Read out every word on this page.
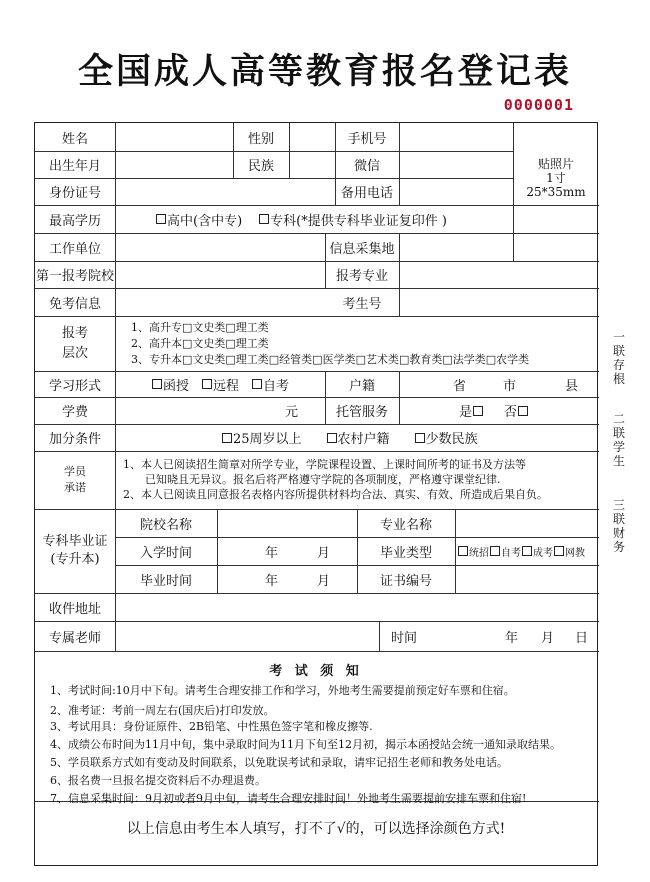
全国成人高等教育报名登记表
0000001
姓名	性别	手机号
贴照片
1寸
25*35mm
出生年月	民族	微信
身份证号	备用电话
最高学历	高中(含中专) 专科(*提供专科毕业证复印件 )
工作单位	信息采集地
第一报考院校	报考专业
免考信息	考生号
报考
层次
1、高升专□文史类□理工类
2、高升本□文史类□理工类
3、专升本□文史类□理工类□经管类□医学类□艺术类□教育类□法学类□农学类
学习形式	函授 远程 自考	户籍	省	市	县
学费	元	托管服务	是 否
加分条件	25周岁以上	农村户籍	少数民族
学员
承诺
1、本人已阅读招生简章对所学专业，学院课程设置、上课时间所考的证书及方法等
已知晓且无异议。报名后将严格遵守学院的各项制度，严格遵守课堂纪律.
2、本人已阅读且同意报名表格内容所提供材料均合法、真实、有效、所造成后果自负。
专科毕业证
(专升本)
院校名称	专业名称
入学时间	年	月	毕业类型	统招 自考 成考 网教
毕业时间	年	月	证书编号
收件地址
专属老师	时间	年	月	日
一联存根
二联学生
三联财务
考 试 须 知
1、考试时间:10月中下旬。请考生合理安排工作和学习，外地考生需要提前预定好车票和住宿。
2、准考证：考前一周左右(国庆后)打印发放。
3、考试用具：身份证原件、2B铅笔、中性黑色签字笔和橡皮擦等.
4、成绩公布时间为11月中旬，集中录取时间为11月下旬至12月初，揭示本函授站会统一通知录取结果。
5、学员联系方式如有变动及时间联系，以免耽误考试和录取，请牢记招生老师和教务处电话。
6、报名费一旦报名提交资料后不办理退费。
7、信息采集时间：9月初或者9月中旬，请考生合理安排时间！外地考生需要提前安排车票和住宿!
以上信息由考生本人填写，打不了√的，可以选择涂颜色方式!
